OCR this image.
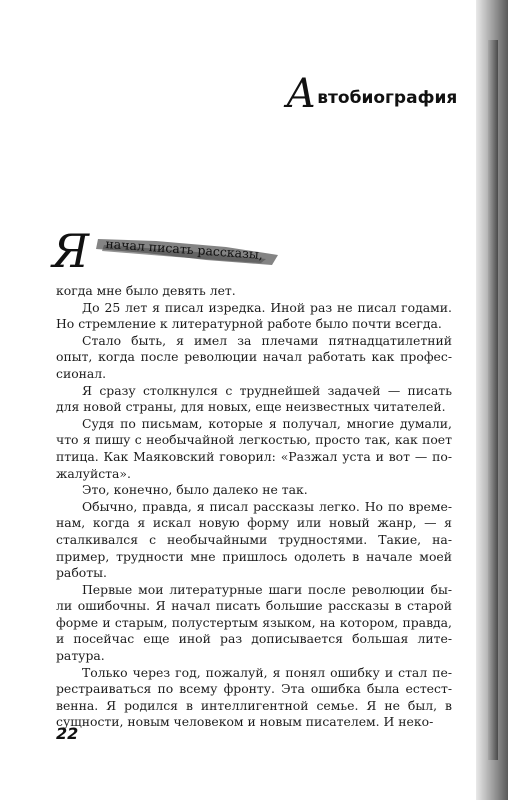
А втобиография
Я начал писать рассказы,

когда мне было девять лет.

До 25 лет я писал изредка. Иной раз не писал годами. Но стремление к литературной работе было почти всегда.

Стало быть, я имел за плечами пятнадцатилетний опыт, когда после революции начал работать как профессионал.

Я сразу столкнулся с труднейшей задачей — писать для новой страны, для новых, еще неизвестных читателей.

Судя по письмам, которые я получал, многие думали, что я пишу с необычайной легкостью, просто так, как поет птица. Как Маяковский говорил: «Разжал уста и вот — пожалуйста».

Это, конечно, было далеко не так.

Обычно, правда, я писал рассказы легко. Но по временам, когда я искал новую форму или новый жанр, — я сталкивался с необычайными трудностями. Такие, например, трудности мне пришлось одолеть в начале моей работы.

Первые мои литературные шаги после революции были ошибочны. Я начал писать большие рассказы в старой форме и старым, полустертым языком, на котором, правда, и посейчас еще иной раз дописывается большая литература.

Только через год, пожалуй, я понял ошибку и стал перестраиваться по всему фронту. Эта ошибка была естественна. Я родился в интеллигентной семье. Я не был, в сущности, новым человеком и новым писателем. И неко-

22
